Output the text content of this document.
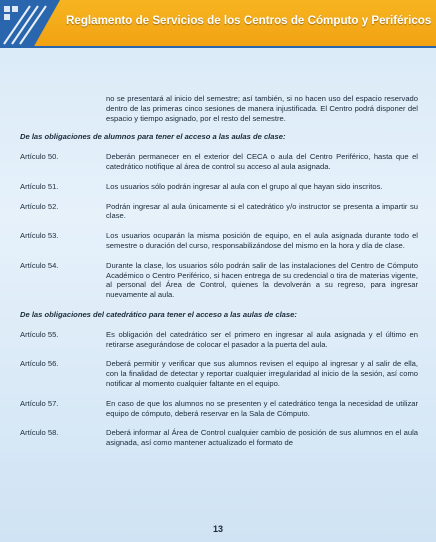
Reglamento de Servicios de los Centros de Cómputo y Periféricos

no se presentará al inicio del semestre; así también, si no hacen uso del espacio reservado dentro de las primeras cinco sesiones de manera injustificada. El Centro podrá disponer del espacio y tiempo asignado, por el resto del semestre.

De las obligaciones de alumnos para tener el acceso a las aulas de clase:
Artículo 50.	Deberán permanecer en el exterior del CECA o aula del Centro Periférico, hasta que el catedrático notifique al área de control su acceso al aula asignada.
Artículo 51.	Los usuarios sólo podrán ingresar al aula con el grupo al que hayan sido inscritos.
Artículo 52.	Podrán ingresar al aula únicamente si el catedrático y/o instructor se presenta a impartir su clase.
Artículo 53.	Los usuarios ocuparán la misma posición de equipo, en el aula asignada durante todo el semestre o duración del curso, responsabilizándose del mismo en la hora y día de clase.
Artículo 54.	Durante la clase, los usuarios sólo podrán salir de las instalaciones del Centro de Cómputo Académico o Centro Periférico, si hacen entrega de su credencial o tira de materias vigente, al personal del Área de Control, quienes la devolverán a su regreso, para ingresar nuevamente al aula.
De las obligaciones del catedrático para tener el acceso a las aulas de clase:
Artículo 55.	Es obligación del catedrático ser el primero en ingresar al aula asignada y el último en retirarse asegurándose de colocar el pasador a la puerta del aula.
Artículo 56.	Deberá permitir y verificar que sus alumnos revisen el equipo al ingresar y al salir de ella, con la finalidad de detectar y reportar cualquier irregularidad al inicio de la sesión, así como notificar al momento cualquier faltante en el equipo.
Artículo 57.	En caso de que los alumnos no se presenten y el catedrático tenga la necesidad de utilizar equipo de cómputo, deberá reservar en la Sala de Cómputo.
Artículo 58.	Deberá informar al Área de Control cualquier cambio de posición de sus alumnos en el aula asignada, así como mantener actualizado el formato de
13
